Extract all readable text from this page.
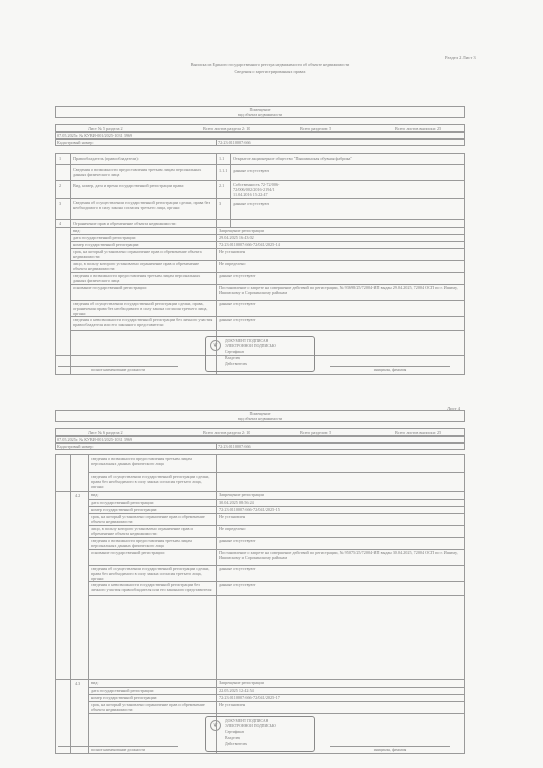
Раздел 2 Лист 3
Выписка из Единого государственного реестра недвижимости об объекте недвижимости
Сведения о зарегистрированных правах
Помещение
вид объекта недвижимости
Лист № 5 раздела 2	Всего листов раздела 2: 10	Всего разделов: 5	Всего листов выписки: 25
07.05.2025г. № КУВИ-001/2025-1031 3969
Кадастровый номер:	72:23:0110007:666
1	Правообладатель (правообладатели):	1.1 Открытое акционерное общество "Пышминская обувная фабрика"
Сведения о возможности предоставления третьим лицам персональных данных физического лица
1.1.1 данные отсутствуют
2	Вид, номер, дата и время государственной регистрации права:	2.1 Собственность 72-72/006-72/006/002/2016-2194/1 11.04.2016 15:22:47
3	Сведения об осуществлении государственной регистрации сделки, права без необходимого в силу закона согласия третьего лица, органа:
3	данные отсутствуют
4	Ограничение прав и обременение объекта недвижимости:
вид:	Запрещение регистрации
дата государственной регистрации:	29.04.2025 16:43:02
номер государственной регистрации:	72:23:0110007:666-72/041/2025-14
срок, на который установлено ограничение прав и обременение объекта недвижимости:
Не установлен
лицо, в пользу которого установлено ограничение прав и обременение объекта недвижимости:
Не определено
сведения о возможности предоставления третьим лицам персональных данных физического лица
данные отсутствуют
основание государственной регистрации:	Постановление о запрете на совершение действий по регистрации, № 93698/25/72004-ИП выдан 29.04.2025, 72004 ОСП по г. Ишиму, Ишимскому и Сорокинскому районам
сведения об осуществлении государственной регистрации сделки, права, ограничения права без необходимого в силу закона согласия третьего лица, органа:
данные отсутствуют
сведения о невозможности государственной регистрации без личного участия правообладателя или его законного представителя:
данные отсутствуют
полное наименование должности	инициалы, фамилия
❦
ДОКУМЕНТ ПОДПИСАН
ЭЛЕКТРОННОЙ ПОДПИСЬЮ
Сертификат
Владелец
Действителен
Лист 4
Помещение
вид объекта недвижимости
Лист № 6 раздела 2	Всего листов раздела 2: 10	Всего разделов: 5	Всего листов выписки: 25
07.05.2025г. № КУВИ-001/2025-1031 3969
Кадастровый номер:	72:23:0110007:666
сведения о возможности предоставления третьим лицам персональных данных физического лица
сведения об осуществлении государственной регистрации сделки, права без необходимого в силу закона согласия третьего лица, органа:
4.2	вид:	Запрещение регистрации
дата государственной регистрации:	30.04.2025 08:56:24
номер государственной регистрации:	72:23:0110007:666-72/041/2025-15
срок, на который установлено ограничение прав и обременение объекта недвижимости:
Не установлен
лицо, в пользу которого установлено ограничение прав и обременение объекта недвижимости:
Не определено
сведения о возможности предоставления третьим лицам персональных данных физического лица
данные отсутствуют
основание государственной регистрации:	Постановление о запрете на совершение действий по регистрации, № 95075/25/72004-ИП выдан 30.04.2025, 72004 ОСП по г. Ишиму, Ишимскому и Сорокинскому районам
сведения об осуществлении государственной регистрации сделки, права без необходимого в силу закона согласия третьего лица, органа:
данные отсутствуют
сведения о невозможности государственной регистрации без личного участия правообладателя или его законного представителя:
данные отсутствуют
4.3	вид:	Запрещение регистрации
дата государственной регистрации:	22.05.2025 12:42:54
номер государственной регистрации:	72:23:0110007:666-72/041/2025-17
срок, на который установлено ограничение прав и обременение объекта недвижимости:
Не установлен
полное наименование должности	инициалы, фамилия
❦
ДОКУМЕНТ ПОДПИСАН
ЭЛЕКТРОННОЙ ПОДПИСЬЮ
Сертификат
Владелец
Действителен
